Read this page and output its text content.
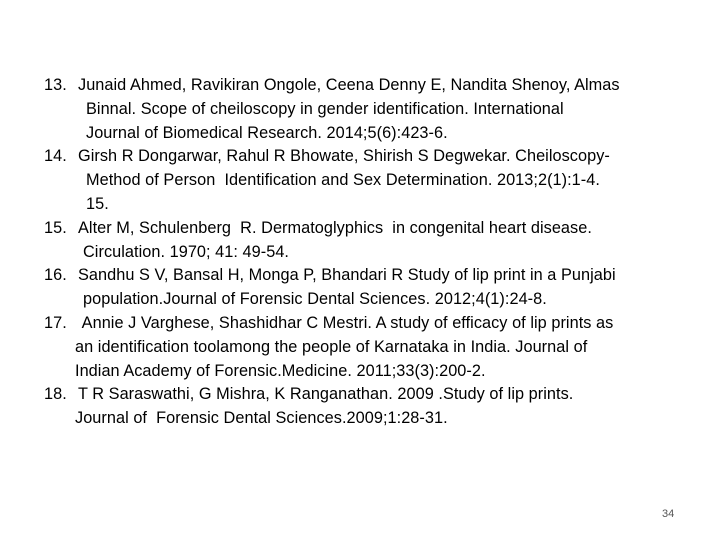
13. Junaid Ahmed, Ravikiran Ongole, Ceena Denny E, Nandita Shenoy, Almas
Binnal. Scope of cheiloscopy in gender identification. International
Journal of Biomedical Research. 2014;5(6):423-6.
14. Girsh R Dongarwar, Rahul R Bhowate, Shirish S Degwekar. Cheiloscopy-
Method of Person  Identification and Sex Determination. 2013;2(1):1-4.
15.
15. Alter M, Schulenberg  R. Dermatoglyphics  in congenital heart disease.
Circulation. 1970; 41: 49-54.
16. Sandhu S V, Bansal H, Monga P, Bhandari R Study of lip print in a Punjabi
population.Journal of Forensic Dental Sciences. 2012;4(1):24-8.
17. Annie J Varghese, Shashidhar C Mestri. A study of efficacy of lip prints as
an identification toolamong the people of Karnataka in India. Journal of
Indian Academy of Forensic.Medicine. 2011;33(3):200-2.
18. T R Saraswathi, G Mishra, K Ranganathan. 2009 .Study of lip prints.
Journal of  Forensic Dental Sciences.2009;1:28-31.
34
